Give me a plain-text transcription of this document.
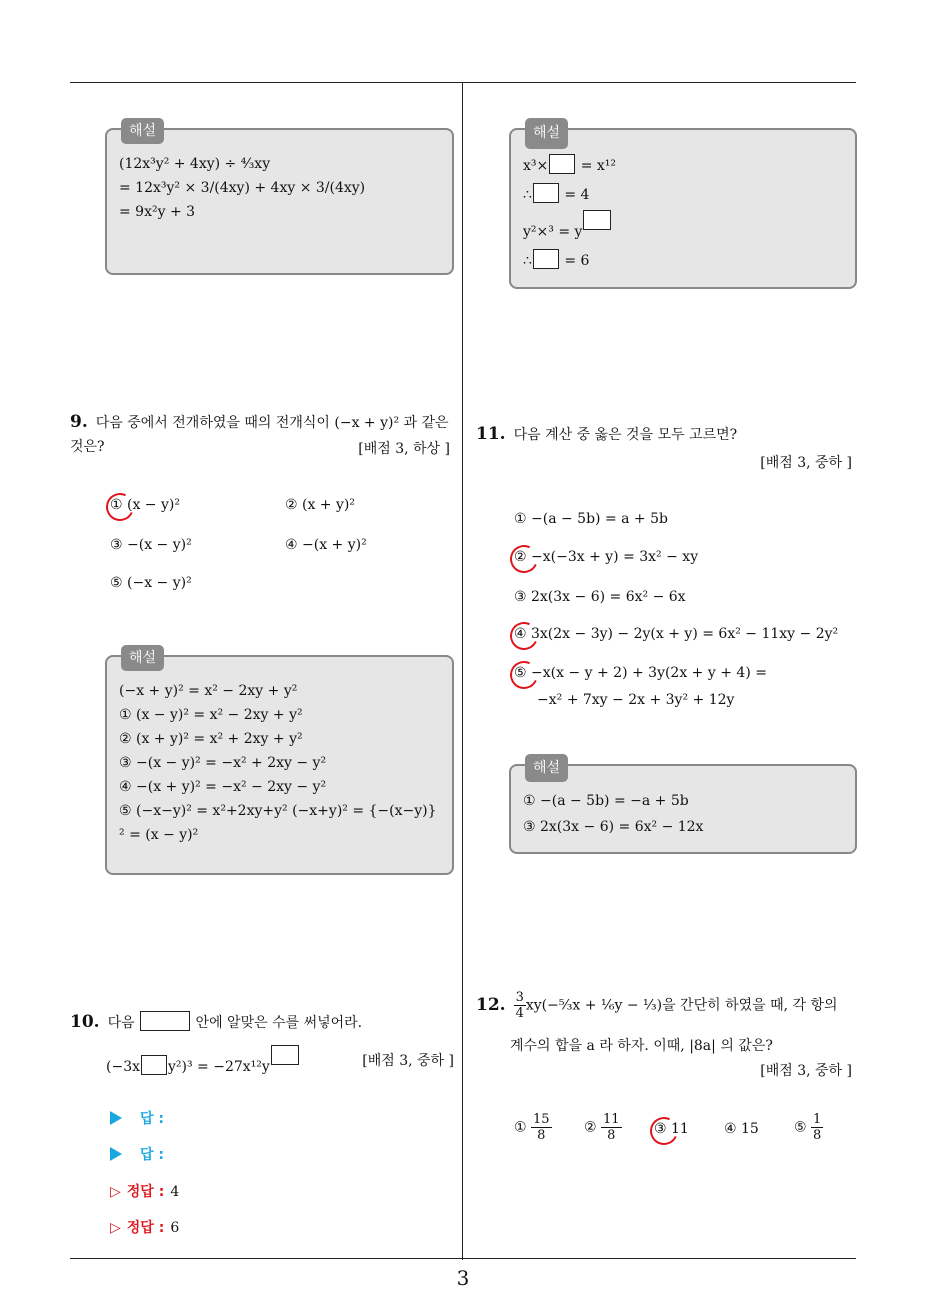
3
해설
(12x³y² + 4xy) ÷ ⁴⁄₃xy
= 12x³y² × 3/(4xy) + 4xy × 3/(4xy)
= 9x²y + 3
9. 다음 중에서 전개하였을 때의 전개식이 (−x + y)² 과 같은 것은?	[배점 3, 하상 ]
① (x − y)²	② (x + y)²
③ −(x − y)²	④ −(x + y)²
⑤ (−x − y)²
해설
(−x + y)² = x² − 2xy + y²
① (x − y)² = x² − 2xy + y²
② (x + y)² = x² + 2xy + y²
③ −(x − y)² = −x² + 2xy − y²
④ −(x + y)² = −x² − 2xy − y²
⑤ (−x−y)² = x²+2xy+y² (−x+y)² = {−(x−y)}² = (x − y)²
10. 다음	안에 알맞은 수를 써넣어라.
(−3x y²)³ = −27x¹²y	[배점 3, 중하 ]
답 :
답 :
▷ 정답 : 4
▷ 정답 : 6
해설
x³× = x¹²
∴ = 4
y²×³ = y
∴ = 6
11. 다음 계산 중 옳은 것을 모두 고르면?
[배점 3, 중하 ]
① −(a − 5b) = a + 5b
② −x(−3x + y) = 3x² − xy
③ 2x(3x − 6) = 6x² − 6x
④ 3x(2x − 3y) − 2y(x + y) = 6x² − 11xy − 2y²
⑤ −x(x − y + 2) + 3y(2x + y + 4) =
−x² + 7xy − 2x + 3y² + 12y
해설
① −(a − 5b) = −a + 5b
③ 2x(3x − 6) = 6x² − 12x
12. $\frac{3}{4}$ xy(−⁵⁄₃x + ¹⁄₆y − ¹⁄₃)을 간단히 하였을 때, 각 항의
계수의 합을 a 라 하자. 이때, |8a| 의 값은?
[배점 3, 중하 ]
① $\frac{15}{8}$ ② $\frac{11}{8}$ ③ 11	④ 15	⑤ $\frac{1}{8}$
